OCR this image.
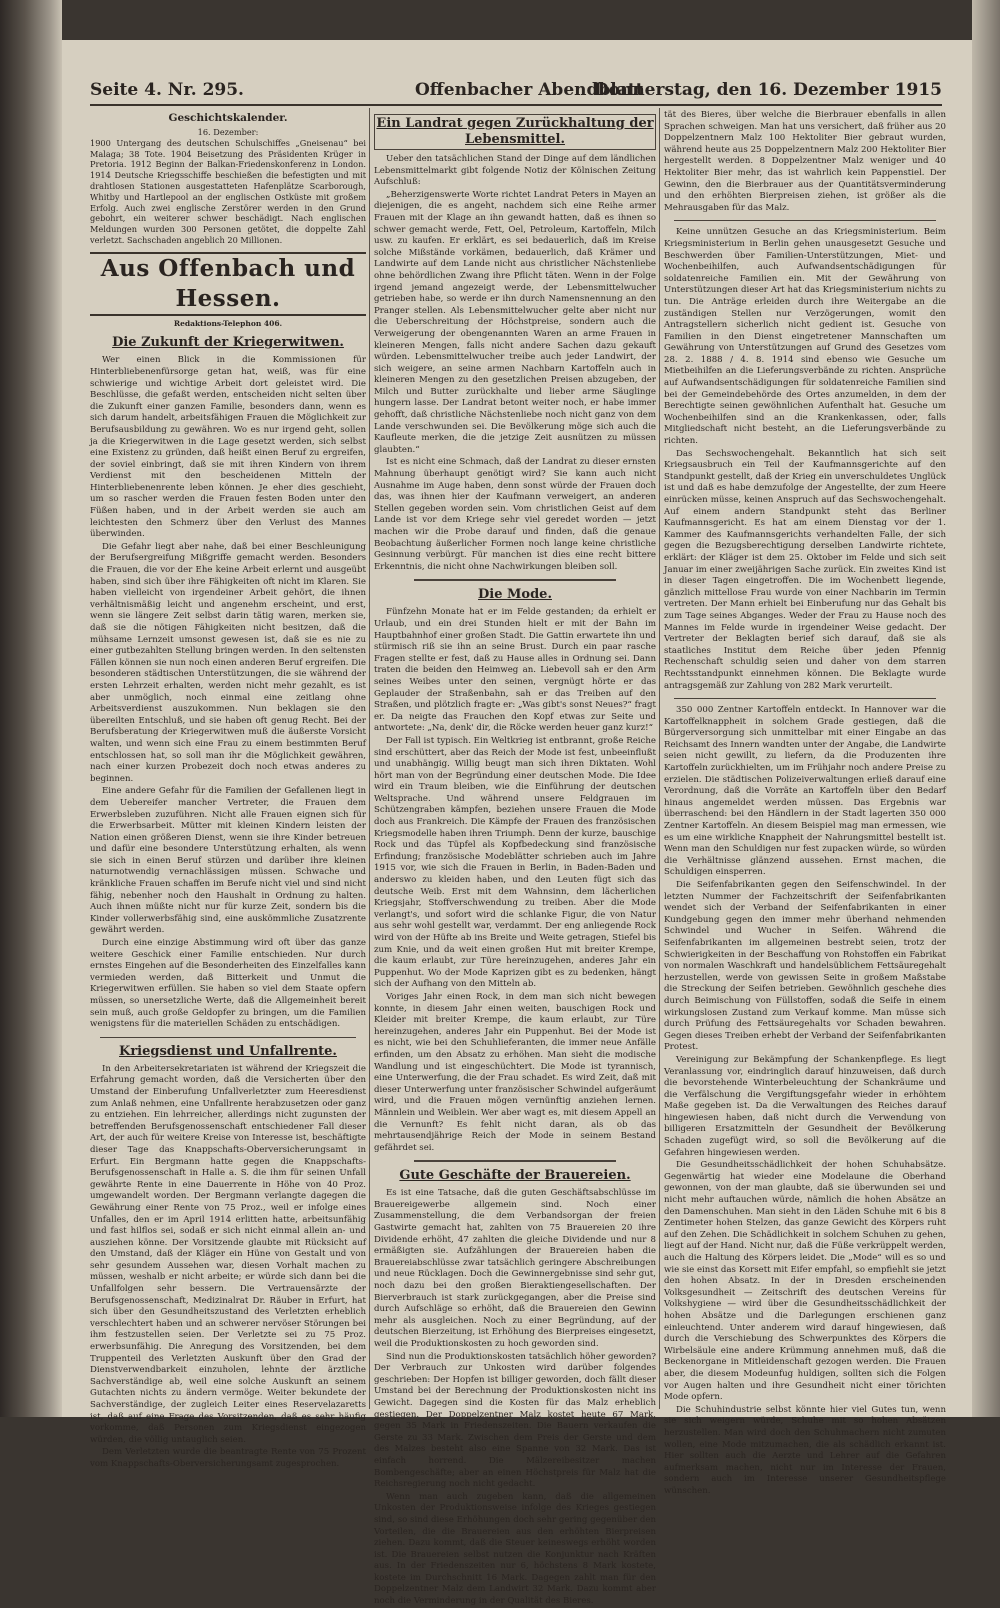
Seite 4. Nr. 295.	Offenbacher Abendblatt
Donnerstag, den 16. Dezember 1915
Geschichtskalender.
16. Dezember:
1900 Untergang des deutschen Schulschiffes „Gneisenau“ bei Malaga; 38 Tote. 1904 Beisetzung des Präsidenten Krüger in Pretoria. 1912 Beginn der Balkan-Friedenskonferenz in London. 1914 Deutsche Kriegsschiffe beschießen die befestigten und mit drahtlosen Stationen ausgestatteten Hafenplätze Scarborough, Whitby und Hartlepool an der englischen Ostküste mit großem Erfolg. Auch zwei englische Zerstörer werden in den Grund gebohrt, ein weiterer schwer beschädigt. Nach englischen Meldungen wurden 300 Personen getötet, die doppelte Zahl verletzt. Sachschaden angeblich 20 Millionen.
Aus Offenbach und Hessen.
Redaktions-Telephon 406.
Die Zukunft der Kriegerwitwen.

Wer einen Blick in die Kommissionen für Hinterbliebenenfürsorge getan hat, weiß, was für eine schwierige und wichtige Arbeit dort geleistet wird. Die Beschlüsse, die gefaßt werden, entscheiden nicht selten über die Zukunft einer ganzen Familie, besonders dann, wenn es sich darum handelt, arbeitsfähigen Frauen die Möglichkeit zur Berufsausbildung zu gewähren. Wo es nur irgend geht, sollen ja die Kriegerwitwen in die Lage gesetzt werden, sich selbst eine Existenz zu gründen, daß heißt einen Beruf zu ergreifen, der soviel einbringt, daß sie mit ihren Kindern von ihrem Verdienst mit den bescheidenen Mitteln der Hinterbliebenenrente leben können. Je eher dies geschieht, um so rascher werden die Frauen festen Boden unter den Füßen haben, und in der Arbeit werden sie auch am leichtesten den Schmerz über den Verlust des Mannes überwinden.

Die Gefahr liegt aber nahe, daß bei einer Beschleunigung der Berufsergreifung Mißgriffe gemacht werden. Besonders die Frauen, die vor der Ehe keine Arbeit erlernt und ausgeübt haben, sind sich über ihre Fähigkeiten oft nicht im Klaren. Sie haben vielleicht von irgendeiner Arbeit gehört, die ihnen verhältnismäßig leicht und angenehm erscheint, und erst, wenn sie längere Zeit selbst darin tätig waren, merken sie, daß sie die nötigen Fähigkeiten nicht besitzen, daß die mühsame Lernzeit umsonst gewesen ist, daß sie es nie zu einer gutbezahlten Stellung bringen werden. In den seltensten Fällen können sie nun noch einen anderen Beruf ergreifen. Die besonderen städtischen Unterstützungen, die sie während der ersten Lehrzeit erhalten, werden nicht mehr gezahlt, es ist aber unmöglich, noch einmal eine zeitlang ohne Arbeitsverdienst auszukommen. Nun beklagen sie den übereilten Entschluß, und sie haben oft genug Recht. Bei der Berufsberatung der Kriegerwitwen muß die äußerste Vorsicht walten, und wenn sich eine Frau zu einem bestimmten Beruf entschlossen hat, so soll man ihr die Möglichkeit gewähren, nach einer kurzen Probezeit doch noch etwas anderes zu beginnen.

Eine andere Gefahr für die Familien der Gefallenen liegt in dem Uebereifer mancher Vertreter, die Frauen dem Erwerbsleben zuzuführen. Nicht alle Frauen eignen sich für die Erwerbsarbeit. Mütter mit kleinen Kindern leisten der Nation einen größeren Dienst, wenn sie ihre Kinder betreuen und dafür eine besondere Unterstützung erhalten, als wenn sie sich in einen Beruf stürzen und darüber ihre kleinen naturnotwendig vernachlässigen müssen. Schwache und kränkliche Frauen schaffen im Berufe nicht viel und sind nicht fähig, nebenher noch den Haushalt in Ordnung zu halten. Auch ihnen müßte nicht nur für kurze Zeit, sondern bis die Kinder vollerwerbsfähig sind, eine auskömmliche Zusatzrente gewährt werden.

Durch eine einzige Abstimmung wird oft über das ganze weitere Geschick einer Familie entschieden. Nur durch ernstes Eingehen auf die Besonderheiten des Einzelfalles kann vermieden werden, daß Bitterkeit und Unmut die Kriegerwitwen erfüllen. Sie haben so viel dem Staate opfern müssen, so unersetzliche Werte, daß die Allgemeinheit bereit sein muß, auch große Geldopfer zu bringen, um die Familien wenigstens für die materiellen Schäden zu entschädigen.

Kriegsdienst und Unfallrente.

In den Arbeitersekretariaten ist während der Kriegszeit die Erfahrung gemacht worden, daß die Versicherten über den Umstand der Einberufung Unfallverletzter zum Heeresdienst zum Anlaß nehmen, eine Unfallrente herabzusetzen oder ganz zu entziehen. Ein lehrreicher, allerdings nicht zugunsten der betreffenden Berufsgenossenschaft entschiedener Fall dieser Art, der auch für weitere Kreise von Interesse ist, beschäftigte dieser Tage das Knappschafts-Oberversicherungsamt in Erfurt. Ein Bergmann hatte gegen die Knappschafts-Berufsgenossenschaft in Halle a. S. die ihm für seinen Unfall gewährte Rente in eine Dauerrente in Höhe von 40 Proz. umgewandelt worden. Der Bergmann verlangte dagegen die Gewährung einer Rente von 75 Proz., weil er infolge eines Unfalles, den er im April 1914 erlitten hatte, arbeitsunfähig und fast hilflos sei, sodaß er sich nicht einmal allein an- und ausziehen könne. Der Vorsitzende glaubte mit Rücksicht auf den Umstand, daß der Kläger ein Hüne von Gestalt und von sehr gesundem Aussehen war, diesen Vorhalt machen zu müssen, weshalb er nicht arbeite; er würde sich dann bei die Unfallfolgen sehr bessern. Die Vertrauensärzte der Berufsgenossenschaft, Medizinalrat Dr. Räuber in Erfurt, hat sich über den Gesundheitszustand des Verletzten erheblich verschlechtert haben und an schwerer nervöser Störungen bei ihm festzustellen seien. Der Verletzte sei zu 75 Proz. erwerbsunfähig. Die Anregung des Vorsitzenden, bei dem Truppenteil des Verletzten Auskunft über den Grad der Dienstverwendbarkeit einzuholen, lehnte der ärztliche Sachverständige ab, weil eine solche Auskunft an seinem Gutachten nichts zu ändern vermöge. Weiter bekundete der Sachverständige, der zugleich Leiter eines Reservelazaretts ist, daß auf eine Frage des Vorsitzenden, daß es sehr häufig vorkomme, daß Personen zum Kriegsdienst eingezogen würden, die völlig untauglich seien.

Dem Verletzten wurde die beantragte Rente von 75 Prozent vom Knappschafts-Oberversicherungsamt zugesprochen.

Ein Landrat gegen Zurückhaltung der Lebensmittel.

Ueber den tatsächlichen Stand der Dinge auf dem ländlichen Lebensmittelmarkt gibt folgende Notiz der Kölnischen Zeitung Aufschluß:

„Beherzigenswerte Worte richtet Landrat Peters in Mayen an diejenigen, die es angeht, nachdem sich eine Reihe armer Frauen mit der Klage an ihn gewandt hatten, daß es ihnen so schwer gemacht werde, Fett, Oel, Petroleum, Kartoffeln, Milch usw. zu kaufen. Er erklärt, es sei bedauerlich, daß im Kreise solche Mißstände vorkämen, bedauerlich, daß Krämer und Landwirte auf dem Lande nicht aus christlicher Nächstenliebe ohne behördlichen Zwang ihre Pflicht täten. Wenn in der Folge irgend jemand angezeigt werde, der Lebensmittelwucher getrieben habe, so werde er ihn durch Namensnennung an den Pranger stellen. Als Lebensmittelwucher gelte aber nicht nur die Ueberschreitung der Höchstpreise, sondern auch die Verweigerung der obengenannten Waren an arme Frauen in kleineren Mengen, falls nicht andere Sachen dazu gekauft würden. Lebensmittelwucher treibe auch jeder Landwirt, der sich weigere, an seine armen Nachbarn Kartoffeln auch in kleineren Mengen zu den gesetzlichen Preisen abzugeben, der Milch und Butter zurückhalte und lieber arme Säuglinge hungern lasse. Der Landrat betont weiter noch, er habe immer gehofft, daß christliche Nächstenliebe noch nicht ganz von dem Lande verschwunden sei. Die Bevölkerung möge sich auch die Kaufleute merken, die die jetzige Zeit ausnützen zu müssen glaubten.“

Ist es nicht eine Schmach, daß der Landrat zu dieser ernsten Mahnung überhaupt genötigt wird? Sie kann auch nicht Ausnahme im Auge haben, denn sonst würde der Frauen doch das, was ihnen hier der Kaufmann verweigert, an anderen Stellen gegeben worden sein. Vom christlichen Geist auf dem Lande ist vor dem Kriege sehr viel geredet worden — jetzt machen wir die Probe darauf und finden, daß die genaue Beobachtung äußerlicher Formen noch lange keine christliche Gesinnung verbürgt. Für manchen ist dies eine recht bittere Erkenntnis, die nicht ohne Nachwirkungen bleiben soll.

Die Mode.

Fünfzehn Monate hat er im Felde gestanden; da erhielt er Urlaub, und ein drei Stunden hielt er mit der Bahn im Hauptbahnhof einer großen Stadt. Die Gattin erwartete ihn und stürmisch riß sie ihn an seine Brust. Durch ein paar rasche Fragen stellte er fest, daß zu Hause alles in Ordnung sei. Dann traten die beiden den Heimweg an. Liebevoll sah er den Arm seines Weibes unter den seinen, vergnügt hörte er das Geplauder der Straßenbahn, sah er das Treiben auf den Straßen, und plötzlich fragte er: „Was gibt's sonst Neues?“ fragt er. Da neigte das Frauchen den Kopf etwas zur Seite und antwortete: „Na, denk' dir, die Röcke werden heuer ganz kurz!“

Der Fall ist typisch. Ein Weltkrieg ist entbrannt, große Reiche sind erschüttert, aber das Reich der Mode ist fest, unbeeinflußt und unabhängig. Willig beugt man sich ihren Diktaten. Wohl hört man von der Begründung einer deutschen Mode. Die Idee wird ein Traum bleiben, wie die Einführung der deutschen Weltsprache. Und während unsere Feldgrauen im Schützengraben kämpfen, beziehen unsere Frauen die Mode doch aus Frankreich. Die Kämpfe der Frauen des französischen Kriegsmodelle haben ihren Triumph. Denn der kurze, bauschige Rock und das Tüpfel als Kopfbedeckung sind französische Erfindung; französische Modeblätter schrieben auch im Jahre 1915 vor, wie sich die Frauen in Berlin, in Baden-Baden und anderswo zu kleiden haben, und den Leuten fügt sich das deutsche Weib. Erst mit dem Wahnsinn, dem lächerlichen Kriegsjahr, Stoffverschwendung zu treiben. Aber die Mode verlangt's, und sofort wird die schlanke Figur, die von Natur aus sehr wohl gestellt war, verdammt. Der eng anliegende Rock wird von der Hüfte ab ins Breite und Weite getragen, Stiefel bis zum Knie, und da weit einen großen Hut mit breiter Krempe, die kaum erlaubt, zur Türe hereinzugehen, anderes Jahr ein Puppenhut. Wo der Mode Kaprizen gibt es zu bedenken, hängt sich der Aufhang von den Mitteln ab.

Voriges Jahr einen Rock, in dem man sich nicht bewegen konnte, in diesem Jahr einen weiten, bauschigen Rock und Kleider mit breiter Krempe, die kaum erlaubt, zur Türe hereinzugehen, anderes Jahr ein Puppenhut. Bei der Mode ist es nicht, wie bei den Schuhlieferanten, die immer neue Anfälle erfinden, um den Absatz zu erhöhen. Man sieht die modische Wandlung und ist eingeschüchtert. Die Mode ist tyrannisch, eine Unterwerfung, die der Frau schadet. Es wird Zeit, daß mit dieser Unterwerfung unter französischer Schwindel aufgeräumt wird, und die Frauen mögen vernünftig anziehen lernen. Männlein und Weiblein. Wer aber wagt es, mit diesem Appell an die Vernunft? Es fehlt nicht daran, als ob das mehrtausendjährige Reich der Mode in seinem Bestand gefährdet sei.

Gute Geschäfte der Brauereien.

Es ist eine Tatsache, daß die guten Geschäftsabschlüsse im Brauereigewerbe allgemein sind. Noch einer Zusammenstellung, die dem Verbandsorgan der freien Gastwirte gemacht hat, zahlten von 75 Brauereien 20 ihre Dividende erhöht, 47 zahlten die gleiche Dividende und nur 8 ermäßigten sie. Aufzählungen der Brauereien haben die Brauereiabschlüsse zwar tatsächlich geringere Abschreibungen und neue Rücklagen. Doch die Gewinnergebnisse sind sehr gut, noch dazu bei den großen Bieraktiengesellschaften. Der Bierverbrauch ist stark zurückgegangen, aber die Preise sind durch Aufschläge so erhöht, daß die Brauereien den Gewinn mehr als ausgleichen. Noch zu einer Begründung, auf der deutschen Bierzeitung, ist Erhöhung des Bierpreises eingesetzt, weil die Produktionskosten zu hoch geworden sind.

Sind nun die Produktionskosten tatsächlich höher geworden? Der Verbrauch zur Unkosten wird darüber folgendes geschrieben: Der Hopfen ist billiger geworden, doch fällt dieser Umstand bei der Berechnung der Produktionskosten nicht ins Gewicht. Dagegen sind die Kosten für das Malz erheblich gestiegen. Der Doppelzentner Malz kostet heute 67 Mark, gegen 35 Mark in Friedenszeiten. Die Bauern verkaufen die Gerste zu 33 Mark. Zwischen dem Preis der Gerste und dem des Malzes besteht also eine Spanne von 32 Mark. Das ist einfach horrend. Die Mälzereibesitzer machen Bombengeschäfte; aber an einen Höchstpreis für Malz hat die Reichsregierung noch nicht gedacht.

Wenn man auch zugeben kann, daß die allgemeinen Unkosten der Produktionsweise infolge des Krieges gestiegen sind, so sind diese Erhöhungen doch sehr gering gegenüber den Vorteilen, die die Brauereien aus den erhöhten Bierpreisen ziehen. Dazu kommt, daß die Steuer keineswegs erhöht worden ist. Die Brauereien selbst nutzen die Konjunktur nach Kräften aus. In der Friedenszeiten nur 6, höchstens 8 Mark kostete, kostete im Durchschnitt 16 Mark. Dagegen zahlt man für den Doppelzentner Malz dem Landwirt 32 Mark. Dazu kommt aber noch die Verminderung in der Qualität des Bieres.

tät des Bieres, über welche die Bierbrauer ebenfalls in allen Sprachen schweigen. Man hat uns versichert, daß früher aus 20 Doppelzentnern Malz 100 Hektoliter Bier gebraut wurden, während heute aus 25 Doppelzentnern Malz 200 Hektoliter Bier hergestellt werden. 8 Doppelzentner Malz weniger und 40 Hektoliter Bier mehr, das ist wahrlich kein Pappenstiel. Der Gewinn, den die Bierbrauer aus der Quantitätsverminderung und den erhöhten Bierpreisen ziehen, ist größer als die Mehrausgaben für das Malz.

Keine unnützen Gesuche an das Kriegsministerium. Beim Kriegsministerium in Berlin gehen unausgesetzt Gesuche und Beschwerden über Familien-Unterstützungen, Miet- und Wochenbeihilfen, auch Aufwandsentschädigungen für soldatenreiche Familien ein. Mit der Gewährung von Unterstützungen dieser Art hat das Kriegsministerium nichts zu tun. Die Anträge erleiden durch ihre Weitergabe an die zuständigen Stellen nur Verzögerungen, womit den Antragstellern sicherlich nicht gedient ist. Gesuche von Familien in den Dienst eingetretener Mannschaften um Gewährung von Unterstützungen auf Grund des Gesetzes vom 28. 2. 1888 / 4. 8. 1914 sind ebenso wie Gesuche um Mietbeihilfen an die Lieferungsverbände zu richten. Ansprüche auf Aufwandsentschädigungen für soldatenreiche Familien sind bei der Gemeindebehörde des Ortes anzumelden, in dem der Berechtigte seinen gewöhnlichen Aufenthalt hat. Gesuche um Wochenbeihilfen sind an die Krankenkassen, oder, falls Mitgliedschaft nicht besteht, an die Lieferungsverbände zu richten.

Das Sechswochengehalt. Bekanntlich hat sich seit Kriegsausbruch ein Teil der Kaufmannsgerichte auf den Standpunkt gestellt, daß der Krieg ein unverschuldetes Unglück ist und daß es habe demzufolge der Angestellte, der zum Heere einrücken müsse, keinen Anspruch auf das Sechswochengehalt. Auf einem andern Standpunkt steht das Berliner Kaufmannsgericht. Es hat am einem Dienstag vor der 1. Kammer des Kaufmannsgerichts verhandelten Falle, der sich gegen die Bezugsberechtigung derselben Landwirte richtete, erklärt: der Kläger ist dem 25. Oktober im Felde und sich seit Januar im einer zweijährigen Sache zurück. Ein zweites Kind ist in dieser Tagen eingetroffen. Die im Wochenbett liegende, gänzlich mittellose Frau wurde von einer Nachbarin im Termin vertreten. Der Mann erhielt bei Einberufung nur das Gehalt bis zum Tage seines Abganges. Weder der Frau zu Hause noch des Mannes im Felde wurde in irgendeiner Weise gedacht. Der Vertreter der Beklagten berief sich darauf, daß sie als staatliches Institut dem Reiche über jeden Pfennig Rechenschaft schuldig seien und daher von dem starren Rechtsstandpunkt einnehmen können. Die Beklagte wurde antragsgemäß zur Zahlung von 282 Mark verurteilt.

350 000 Zentner Kartoffeln entdeckt. In Hannover war die Kartoffelknappheit in solchem Grade gestiegen, daß die Bürgerversorgung sich unmittelbar mit einer Eingabe an das Reichsamt des Innern wandten unter der Angabe, die Landwirte seien nicht gewillt, zu liefern, da die Produzenten ihre Kartoffeln zurückhielten, um im Frühjahr noch andere Preise zu erzielen. Die städtischen Polizeiverwaltungen erließ darauf eine Verordnung, daß die Vorräte an Kartoffeln über den Bedarf hinaus angemeldet werden müssen. Das Ergebnis war überraschend: bei den Händlern in der Stadt lagerten 350 000 Zentner Kartoffeln. An diesem Beispiel mag man ermessen, wie es um eine wirkliche Knappheit der Nahrungsmittel bestellt ist. Wenn man den Schuldigen nur fest zupacken würde, so würden die Verhältnisse glänzend aussehen. Ernst machen, die Schuldigen einsperren.

Die Seifenfabrikanten gegen den Seifenschwindel. In der letzten Nummer der Fachzeitschrift der Seifenfabrikanten wendet sich der Verband der Seifenfabrikanten in einer Kundgebung gegen den immer mehr überhand nehmenden Schwindel und Wucher in Seifen. Während die Seifenfabrikanten im allgemeinen bestrebt seien, trotz der Schwierigkeiten in der Beschaffung von Rohstoffen ein Fabrikat von normalen Waschkraft und handelsüblichem Fettsäuregehalt herzustellen, werde von gewissen Seite in großem Maßstabe die Streckung der Seifen betrieben. Gewöhnlich geschehe dies durch Beimischung von Füllstoffen, sodaß die Seife in einem wirkungslosen Zustand zum Verkauf komme. Man müsse sich durch Prüfung des Fettsäuregehalts vor Schaden bewahren. Gegen dieses Treiben erhebt der Verband der Seifenfabrikanten Protest.

Vereinigung zur Bekämpfung der Schankenpflege. Es liegt Veranlassung vor, eindringlich darauf hinzuweisen, daß durch die bevorstehende Winterbeleuchtung der Schankräume und die Verfälschung die Vergiftungsgefahr wieder in erhöhtem Maße gegeben ist. Da die Verwaltungen des Reiches darauf hingewiesen haben, daß nicht durch die Verwendung von billigeren Ersatzmitteln der Gesundheit der Bevölkerung Schaden zugefügt wird, so soll die Bevölkerung auf die Gefahren hingewiesen werden.

Die Gesundheitsschädlichkeit der hohen Schuhabsätze. Gegenwärtig hat wieder eine Modelaune die Oberhand gewonnen, von der man glaubte, daß sie überwunden sei und nicht mehr auftauchen würde, nämlich die hohen Absätze an den Damenschuhen. Man sieht in den Läden Schuhe mit 6 bis 8 Zentimeter hohen Stelzen, das ganze Gewicht des Körpers ruht auf den Zehen. Die Schädlichkeit in solchem Schuhen zu gehen, liegt auf der Hand. Nicht nur, daß die Füße verkrüppelt werden, auch die Haltung des Körpers leidet. Die „Mode“ will es so und wie sie einst das Korsett mit Eifer empfahl, so empfiehlt sie jetzt den hohen Absatz. In der in Dresden erscheinenden Volksgesundheit — Zeitschrift des deutschen Vereins für Volkshygiene — wird über die Gesundheitsschädlichkeit der hohen Absätze und die Darlegungen erschienen ganz einleuchtend. Unter anderem wird darauf hingewiesen, daß durch die Verschiebung des Schwerpunktes des Körpers die Wirbelsäule eine andere Krümmung annehmen muß, daß die Beckenorgane in Mitleidenschaft gezogen werden. Die Frauen aber, die diesem Modeunfug huldigen, sollten sich die Folgen vor Augen halten und ihre Gesundheit nicht einer törichten Mode opfern.

Die Schuhindustrie selbst könnte hier viel Gutes tun, wenn sie sich weigern würde, Schuhe mit so hohen Absätzen herzustellen. Man wird doch den Schuhmachern nicht zumuten wollen, eine Mode mitzumachen, die als schädlich erkannt ist. Hier sollten auch die Aerzte und Lehrer auf die Gefahren aufmerksam machen, nicht nur im Interesse der Frauen, sondern auch im Interesse unserer Gesundheitspflege wünschen.
